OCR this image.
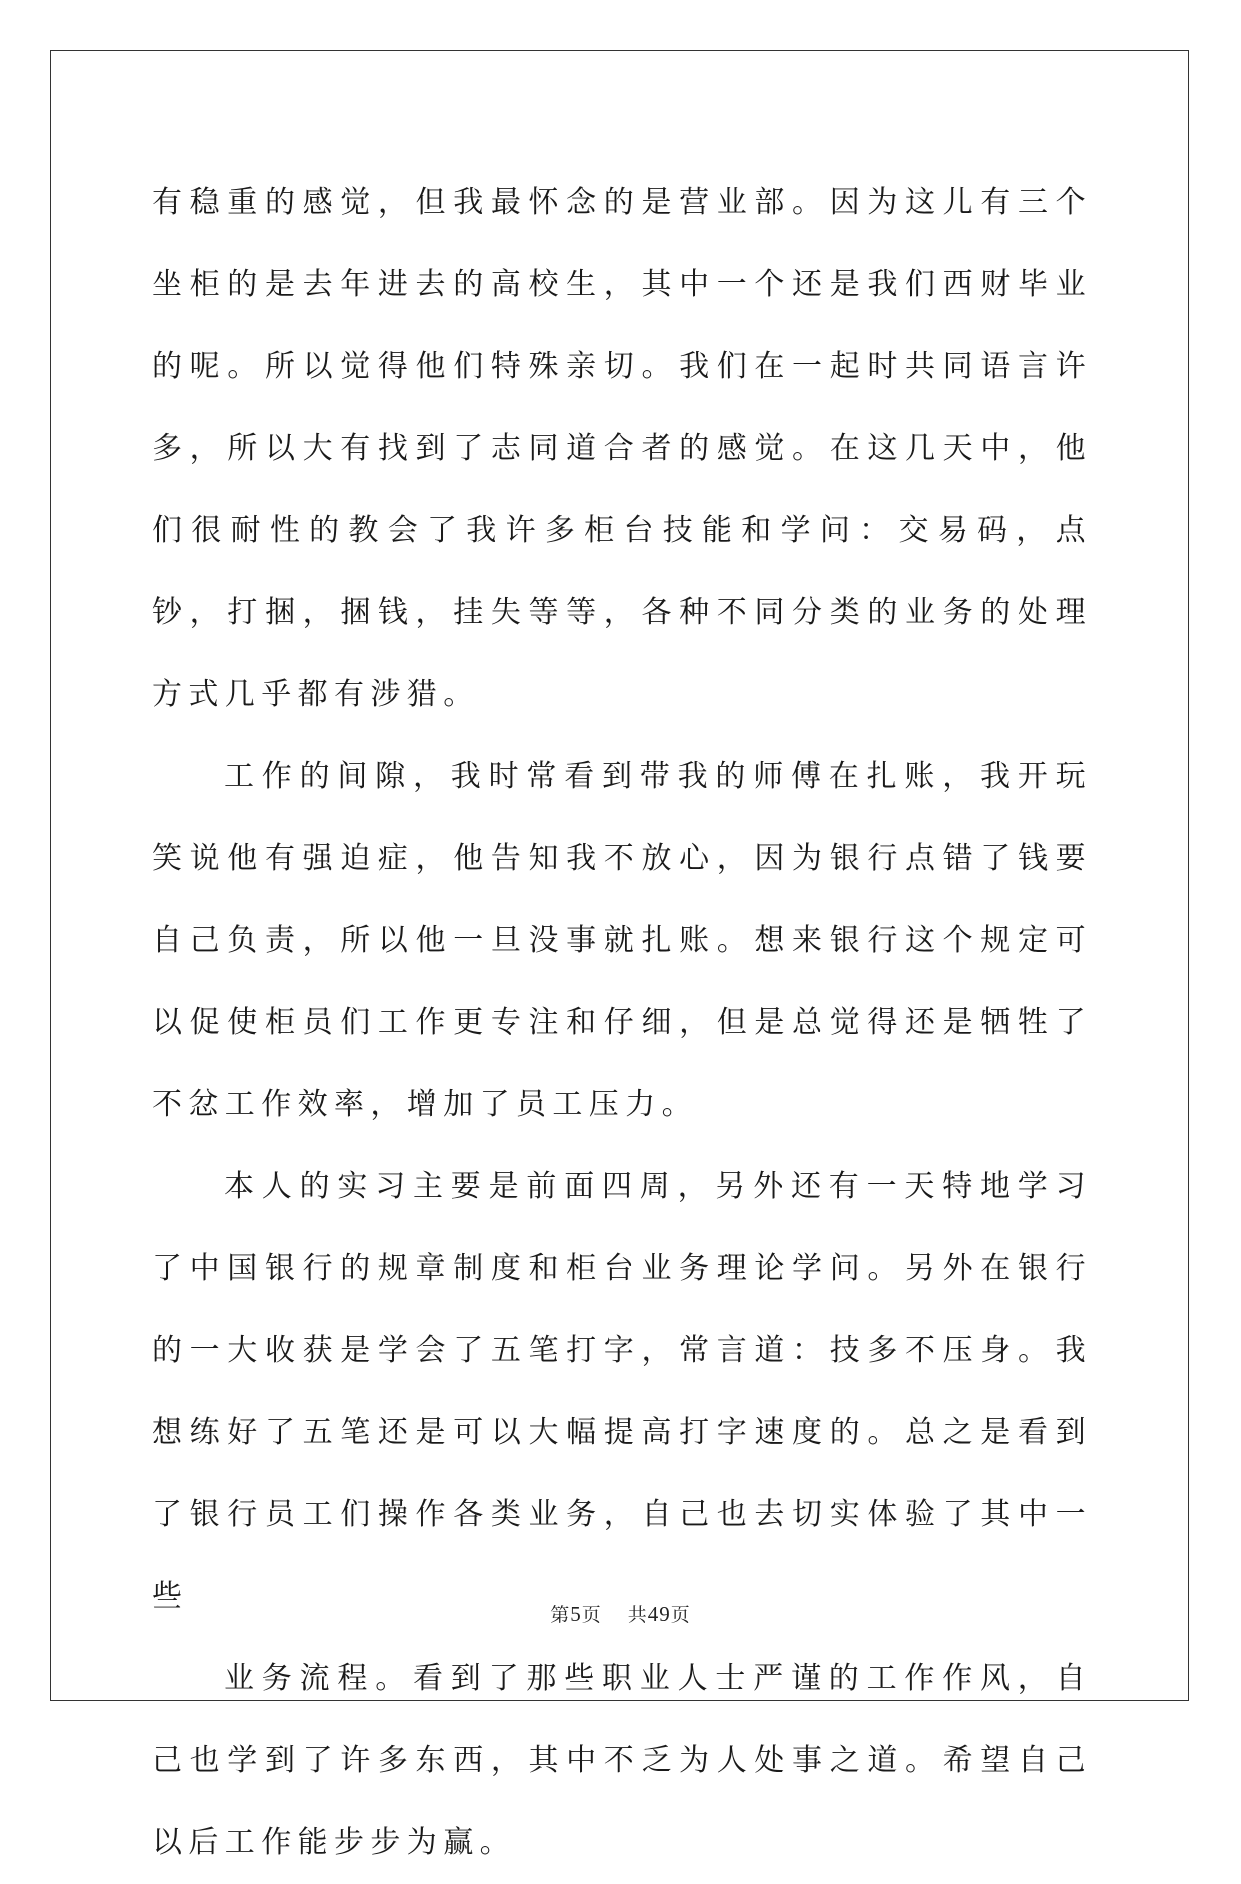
有稳重的感觉，但我最怀念的是营业部。因为这儿有三个坐柜的是去年进去的高校生，其中一个还是我们西财毕业的呢。所以觉得他们特殊亲切。我们在一起时共同语言许多，所以大有找到了志同道合者的感觉。在这几天中，他们很耐性的教会了我许多柜台技能和学问：交易码，点钞，打捆，捆钱，挂失等等，各种不同分类的业务的处理方式几乎都有涉猎。

工作的间隙，我时常看到带我的师傅在扎账，我开玩笑说他有强迫症，他告知我不放心，因为银行点错了钱要自己负责，所以他一旦没事就扎账。想来银行这个规定可以促使柜员们工作更专注和仔细，但是总觉得还是牺牲了不忿工作效率，增加了员工压力。

本人的实习主要是前面四周，另外还有一天特地学习了中国银行的规章制度和柜台业务理论学问。另外在银行的一大收获是学会了五笔打字，常言道：技多不压身。我想练好了五笔还是可以大幅提高打字速度的。总之是看到了银行员工们操作各类业务，自己也去切实体验了其中一些

业务流程。看到了那些职业人士严谨的工作作风，自己也学到了许多东西，其中不乏为人处事之道。希望自己以后工作能步步为赢。

第5页 共49页
